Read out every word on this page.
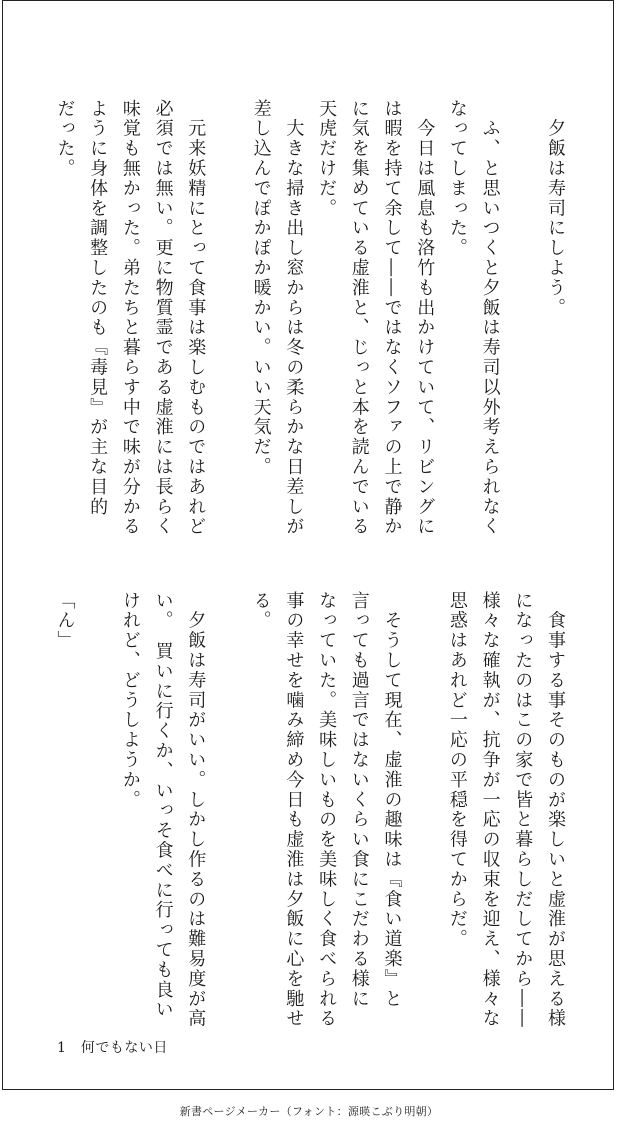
　夕飯は寿司にしよう。

　ふ、と思いつくと夕飯は寿司以外考えられなく
なってしまった。
　今日は風息も洛竹も出かけていて、リビングに
は暇を持て余して――ではなくソファの上で静か
に気を集めている虚淮と、じっと本を読んでいる
天虎だけだ。
　大きな掃き出し窓からは冬の柔らかな日差しが
差し込んでぽかぽか暖かい。いい天気だ。

　元来妖精にとって食事は楽しむものではあれど
必須では無い。更に物質霊である虚淮には長らく
味覚も無かった。弟たちと暮らす中で味が分かる
ように身体を調整したのも『毒見』が主な目的
だった。
　食事する事そのものが楽しいと虚淮が思える様
になったのはこの家で皆と暮らしだしてから――
様々な確執が、抗争が一応の収束を迎え、様々な
思惑はあれど一応の平穏を得てからだ。

　そうして現在、虚淮の趣味は『食い道楽』と
言っても過言ではないくらい食にこだわる様に
なっていた。美味しいものを美味しく食べられる
事の幸せを噛み締め今日も虚淮は夕飯に心を馳せ
る。

　夕飯は寿司がいい。しかし作るのは難易度が高
い。　買いに行くか、いっそ食べに行っても良い
けれど、どうしようか。

「ん」
1　何でもない日
新書ページメーカー（フォント：源暎こぶり明朝）
